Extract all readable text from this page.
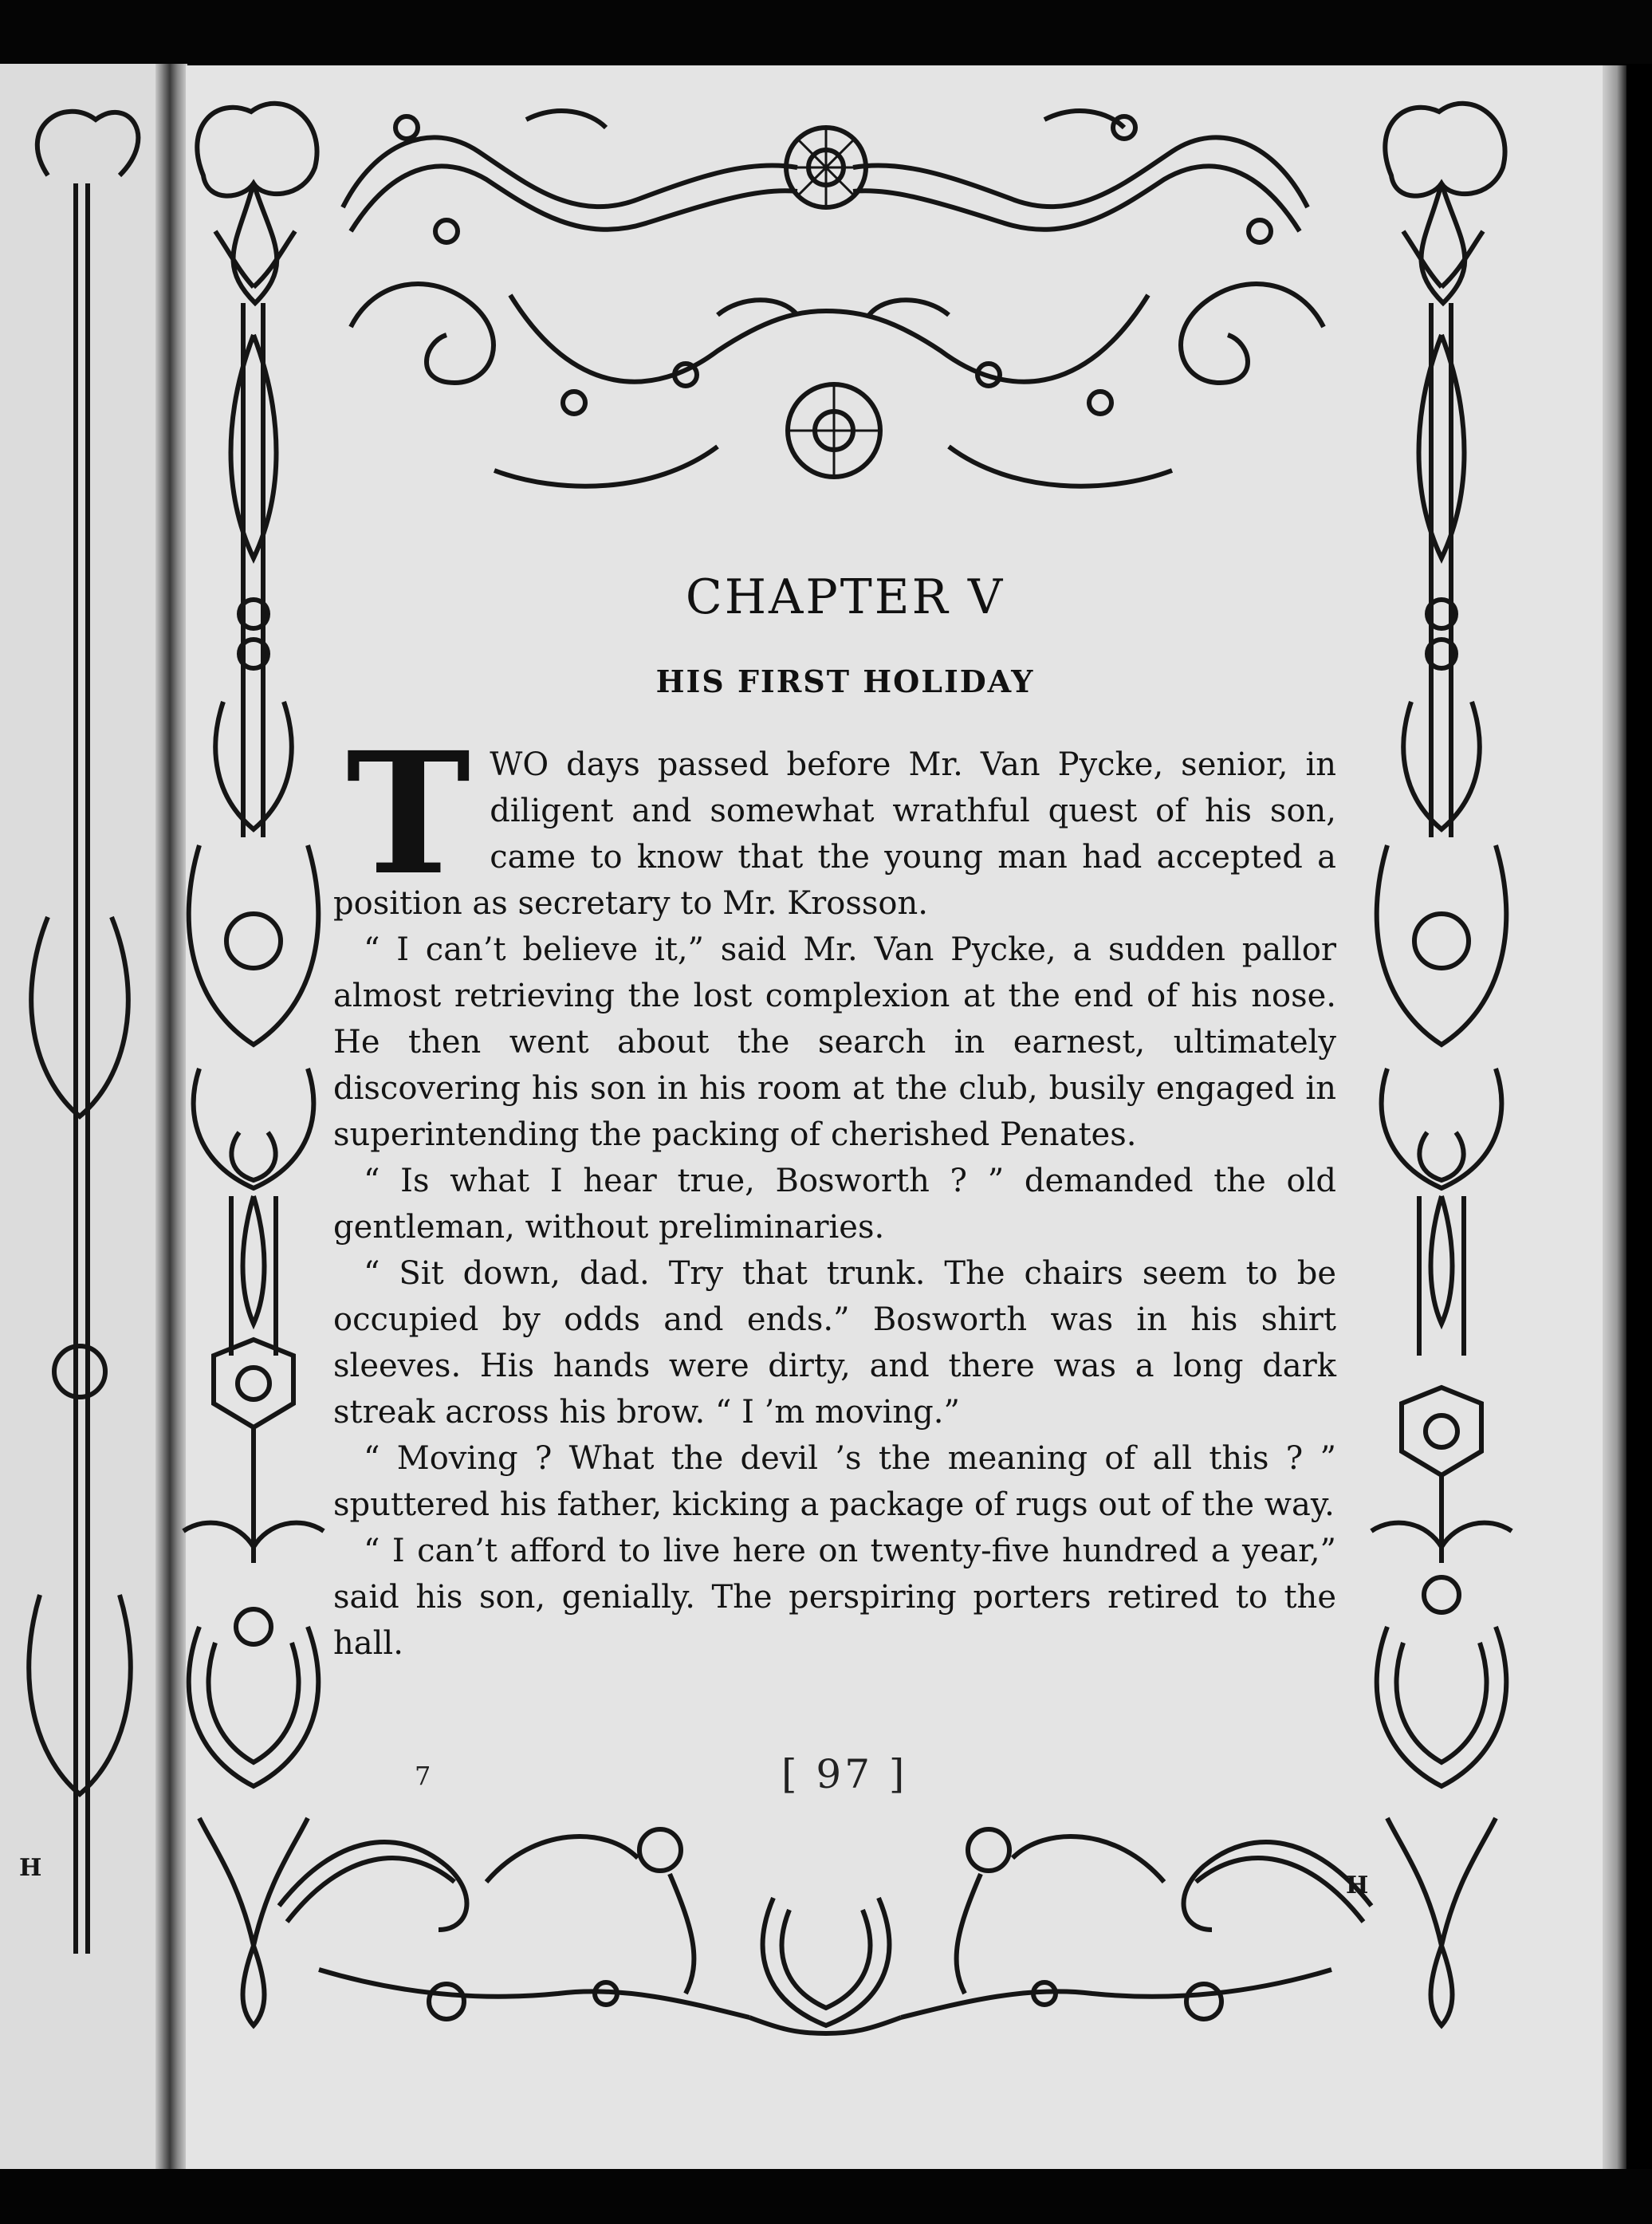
H
H
CHAPTER V
HIS FIRST HOLIDAY

TWO days passed before Mr. Van Pycke, senior, in diligent and somewhat wrathful quest of his son, came to know that the young man had accepted a position as secretary to Mr. Krosson.

“ I can’t believe it,” said Mr. Van Pycke, a sudden pallor almost retrieving the lost complexion at the end of his nose. He then went about the search in earnest, ultimately discovering his son in his room at the club, busily engaged in superintending the packing of cherished Penates.

“ Is what I hear true, Bosworth ? ” demanded the old gentleman, without preliminaries.

“ Sit down, dad. Try that trunk. The chairs seem to be occupied by odds and ends.” Bosworth was in his shirt sleeves. His hands were dirty, and there was a long dark streak across his brow. “ I ’m moving.”

“ Moving ? What the devil ’s the meaning of all this ? ” sputtered his father, kicking a package of rugs out of the way.

“ I can’t afford to live here on twenty-five hundred a year,” said his son, genially. The perspiring porters retired to the hall.

7	[ 97 ]
